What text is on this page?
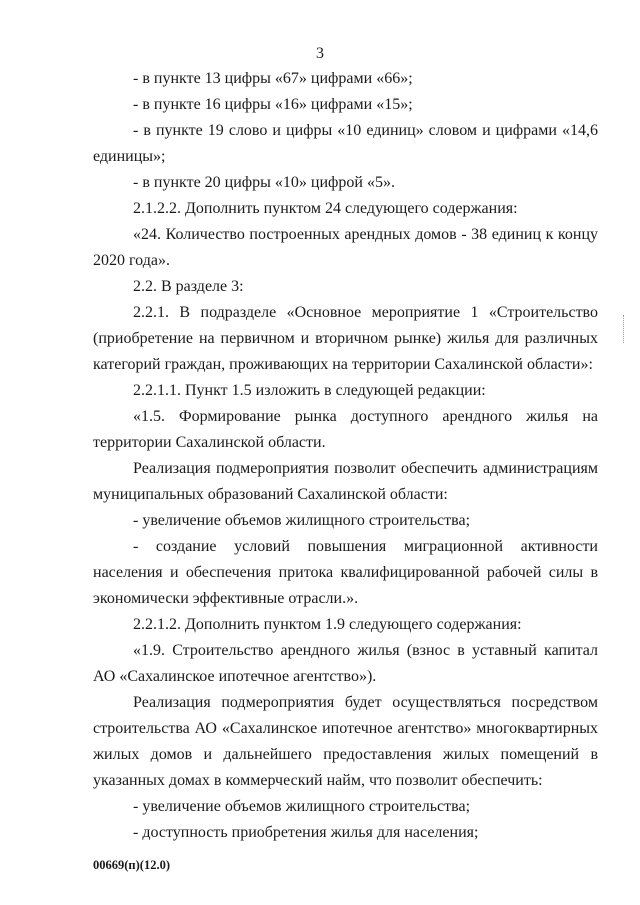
3

- в пункте 13 цифры «67» цифрами «66»;

- в пункте 16 цифры «16» цифрами «15»;

- в пункте 19 слово и цифры «10 единиц» словом и цифрами «14,6 единицы»;

- в пункте 20 цифры «10» цифрой «5».

2.1.2.2. Дополнить пунктом 24 следующего содержания:

«24. Количество построенных арендных домов - 38 единиц к концу 2020 года».

2.2. В разделе 3:

2.2.1. В подразделе «Основное мероприятие 1 «Строительство (приобретение на первичном и вторичном рынке) жилья для различных категорий граждан, проживающих на территории Сахалинской области»:

2.2.1.1. Пункт 1.5 изложить в следующей редакции:

«1.5. Формирование рынка доступного арендного жилья на территории Сахалинской области.

Реализация подмероприятия позволит обеспечить администрациям муниципальных образований Сахалинской области:

- увеличение объемов жилищного строительства;

- создание условий повышения миграционной активности населения и обеспечения притока квалифицированной рабочей силы в экономически эффективные отрасли.».

2.2.1.2. Дополнить пунктом 1.9 следующего содержания:

«1.9. Строительство арендного жилья (взнос в уставный капитал АО «Сахалинское ипотечное агентство»).

Реализация подмероприятия будет осуществляться посредством строительства АО «Сахалинское ипотечное агентство» многоквартирных жилых домов и дальнейшего предоставления жилых помещений в указанных домах в коммерческий найм, что позволит обеспечить:

- увеличение объемов жилищного строительства;

- доступность приобретения жилья для населения;

00669(п)(12.0)
